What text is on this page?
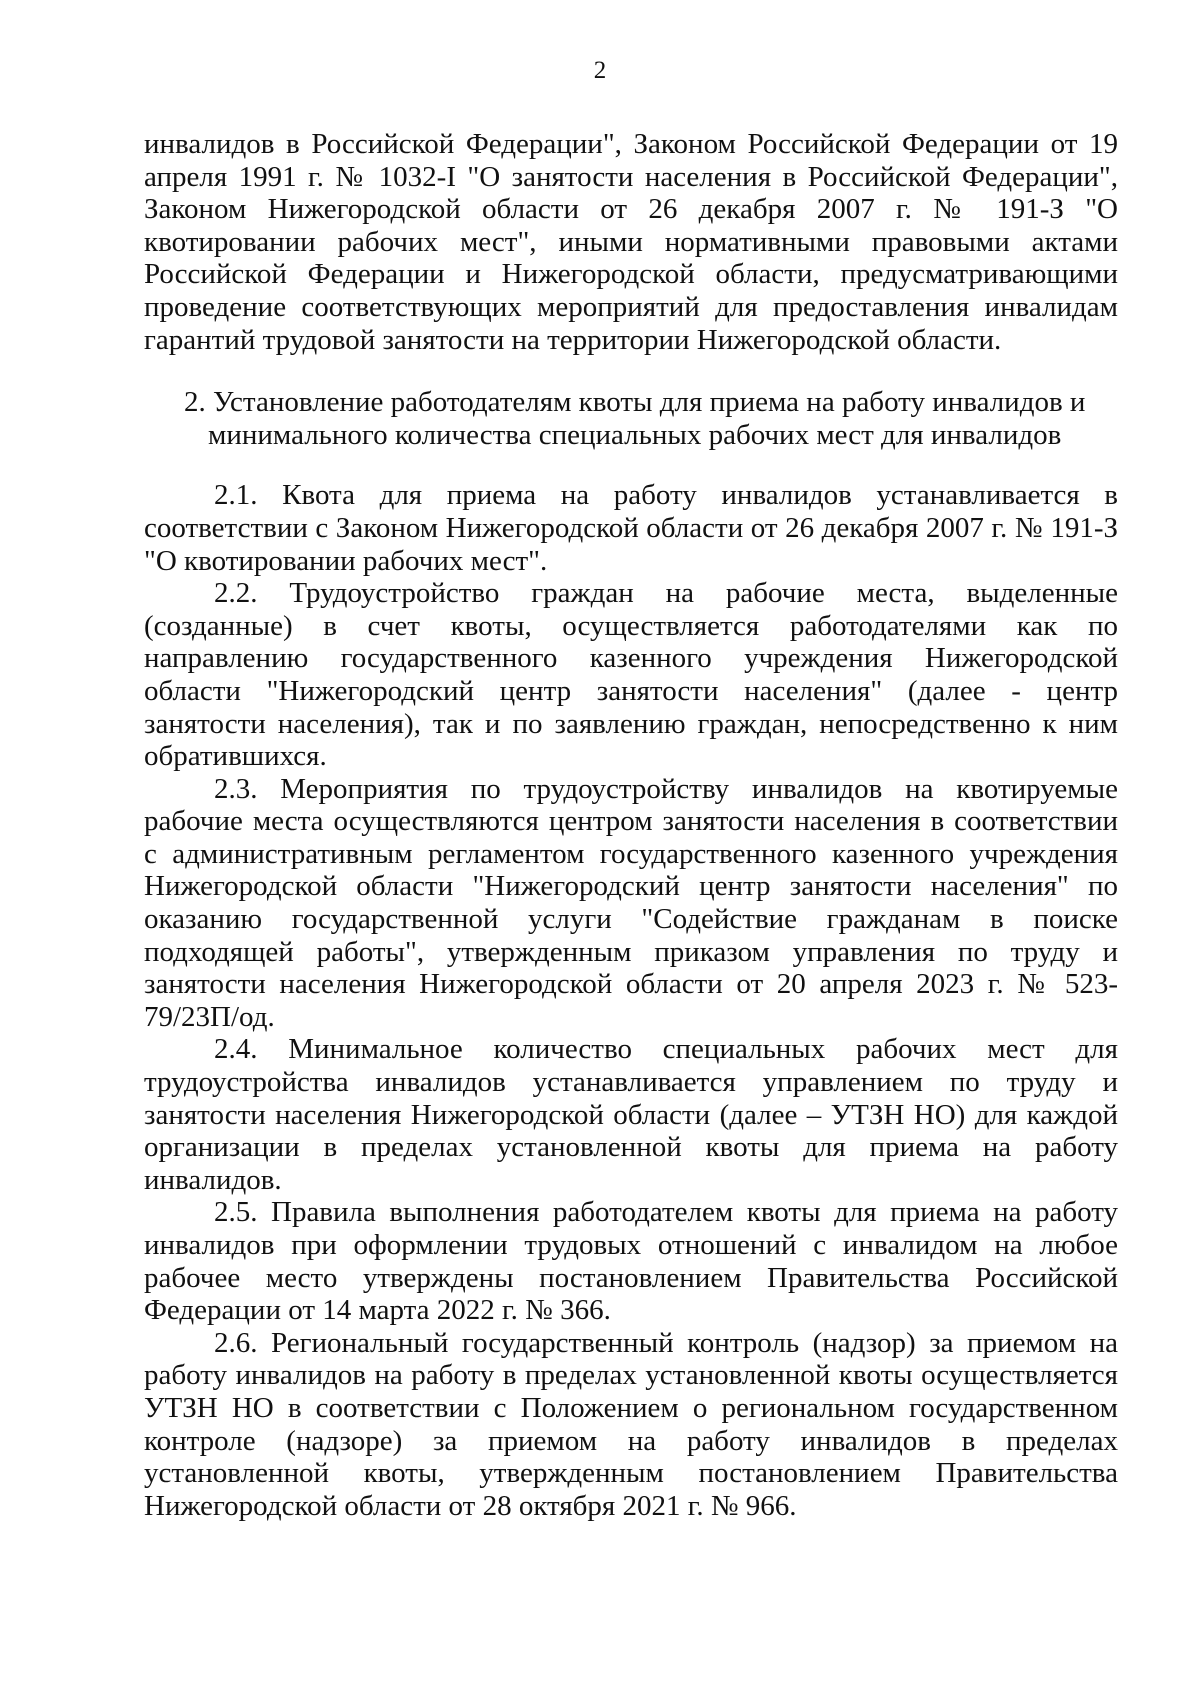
2

инвалидов в Российской Федерации", Законом Российской Федерации от 19 апреля 1991 г. № 1032-I "О занятости населения в Российской Федерации", Законом Нижегородской области от 26 декабря 2007 г. № 191-З "О квотировании рабочих мест", иными нормативными правовыми актами Российской Федерации и Нижегородской области, предусматривающими проведение соответствующих мероприятий для предоставления инвалидам гарантий трудовой занятости на территории Нижегородской области.

2. Установление работодателям квоты для приема на работу инвалидов и
минимального количества специальных рабочих мест для инвалидов

2.1. Квота для приема на работу инвалидов устанавливается в соответствии с Законом Нижегородской области от 26 декабря 2007 г. № 191-З "О квотировании рабочих мест".

2.2. Трудоустройство граждан на рабочие места, выделенные (созданные) в счет квоты, осуществляется работодателями как по направлению государственного казенного учреждения Нижегородской области "Нижегородский центр занятости населения" (далее - центр занятости населения), так и по заявлению граждан, непосредственно к ним обратившихся.

2.3. Мероприятия по трудоустройству инвалидов на квотируемые рабочие места осуществляются центром занятости населения в соответствии с административным регламентом государственного казенного учреждения Нижегородской области "Нижегородский центр занятости населения" по оказанию государственной услуги "Содействие гражданам в поиске подходящей работы", утвержденным приказом управления по труду и занятости населения Нижегородской области от 20 апреля 2023 г. № 523-79/23П/од.

2.4. Минимальное количество специальных рабочих мест для трудоустройства инвалидов устанавливается управлением по труду и занятости населения Нижегородской области (далее – УТЗН НО) для каждой организации в пределах установленной квоты для приема на работу инвалидов.

2.5. Правила выполнения работодателем квоты для приема на работу инвалидов при оформлении трудовых отношений с инвалидом на любое рабочее место утверждены постановлением Правительства Российской Федерации от 14 марта 2022 г. № 366.

2.6. Региональный государственный контроль (надзор) за приемом на работу инвалидов на работу в пределах установленной квоты осуществляется УТЗН НО в соответствии с Положением о региональном государственном контроле (надзоре) за приемом на работу инвалидов в пределах установленной квоты, утвержденным постановлением Правительства Нижегородской области от 28 октября 2021 г. № 966.
